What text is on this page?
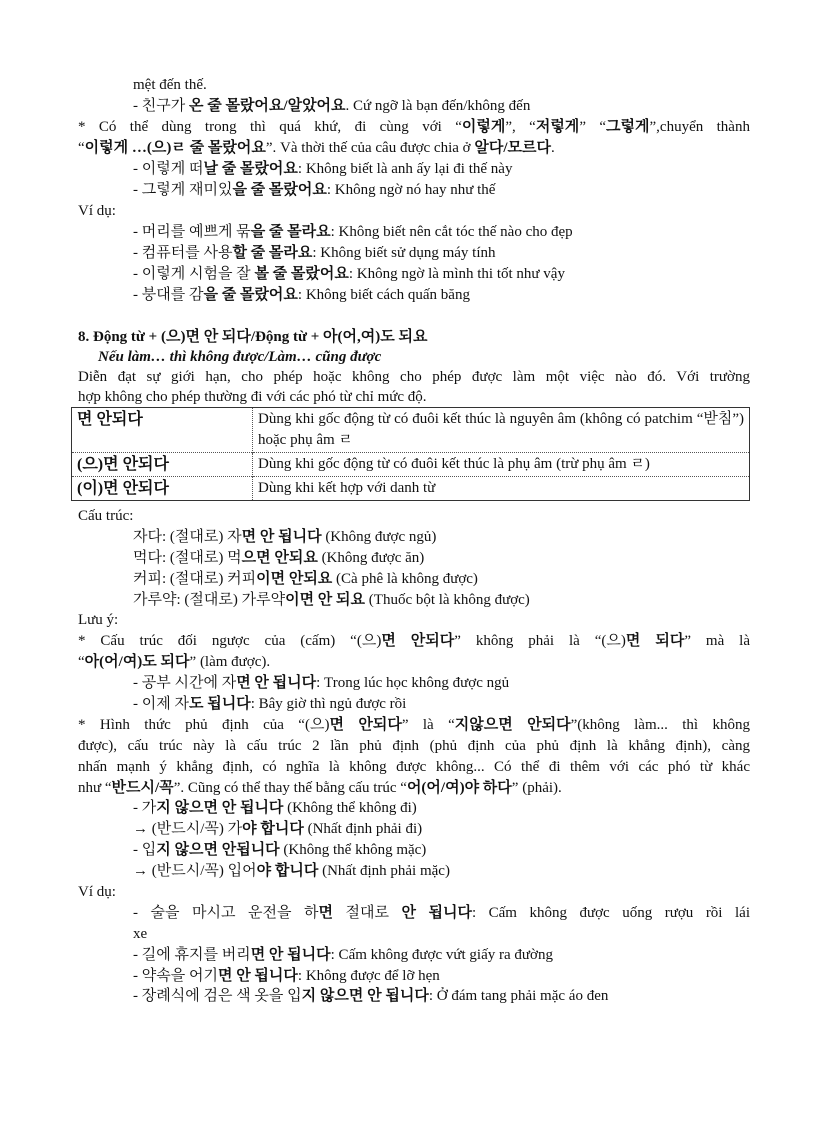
mệt đến thế.
- 친구가 온 줄 몰랐어요/알았어요. Cứ ngỡ là bạn đến/không đến
* Có thể dùng trong thì quá khứ, đi cùng với “이렇게”, “저렇게” “그렇게”,chuyển thành
“이렇게 …(으)ㄹ 줄 몰랐어요”. Và thời thế của câu được chia ở 알다/모르다.
- 이렇게 떠날 줄 몰랐어요: Không biết là anh ấy lại đi thế này
- 그렇게 재미있을 줄 몰랐어요: Không ngờ nó hay như thế
Ví dụ:
- 머리를 예쁘게 묶을 줄 몰라요: Không biết nên cắt tóc thế nào cho đẹp
- 컴퓨터를 사용할 줄 몰라요: Không biết sử dụng máy tính
- 이렇게 시험을 잘 볼 줄 몰랐어요: Không ngờ là mình thi tốt như vậy
- 붕대를 감을 줄 몰랐어요: Không biết cách quấn băng
8. Động từ + (으)면 안 되다/Động từ + 아(어,여)도 되요
Nếu làm… thì không được/Làm… cũng được
Diễn đạt sự giới hạn, cho phép hoặc không cho phép được làm một việc nào đó. Với trường
hợp không cho phép thường đi với các phó từ chỉ mức độ.
면 안되다	Dùng khi gốc động từ có đuôi kết thúc là nguyên âm (không có patchim “받침”) hoặc phụ âm ㄹ
(으)면 안되다	Dùng khi gốc động từ có đuôi kết thúc là phụ âm (trừ phụ âm ㄹ)
(이)면 안되다	Dùng khi kết hợp với danh từ
Cấu trúc:
자다: (절대로) 자면 안 됩니다 (Không được ngủ)
먹다: (절대로) 먹으면 안되요 (Không được ăn)
커피: (절대로) 커피이면 안되요 (Cà phê là không được)
가루약: (절대로) 가루약이면 안 되요 (Thuốc bột là không được)
Lưu ý:
* Cấu trúc đối ngược của (cấm) “(으)면 안되다” không phải là “(으)면 되다” mà là
“아(어/여)도 되다” (làm được).
- 공부 시간에 자면 안 됩니다: Trong lúc học không được ngủ
- 이제 자도 됩니다: Bây giờ thì ngủ được rồi
* Hình thức phủ định của “(으)면 안되다” là “지않으면 안되다”(không làm... thì không
được), cấu trúc này là cấu trúc 2 lần phủ định (phủ định của phủ định là khẳng định), càng
nhấn mạnh ý khẳng định, có nghĩa là không được không... Có thể đi thêm với các phó từ khác
như “반드시/꼭”. Cũng có thể thay thế bằng cấu trúc “어(어/여)야 하다” (phải).
- 가지 않으면 안 됩니다 (Không thể không đi)
→ (반드시/꼭) 가야 합니다 (Nhất định phải đi)
- 입지 않으면 안됩니다 (Không thể không mặc)
→ (반드시/꼭) 입어야 합니다 (Nhất định phải mặc)
Ví dụ:
- 술을 마시고 운전을 하면 절대로 안 됩니다: Cấm không được uống rượu rồi lái
xe
- 길에 휴지를 버리면 안 됩니다: Cấm không được vứt giấy ra đường
- 약속을 어기면 안 됩니다: Không được để lỡ hẹn
- 장례식에 검은 색 옷을 입지 않으면 안 됩니다: Ở đám tang phải mặc áo đen
